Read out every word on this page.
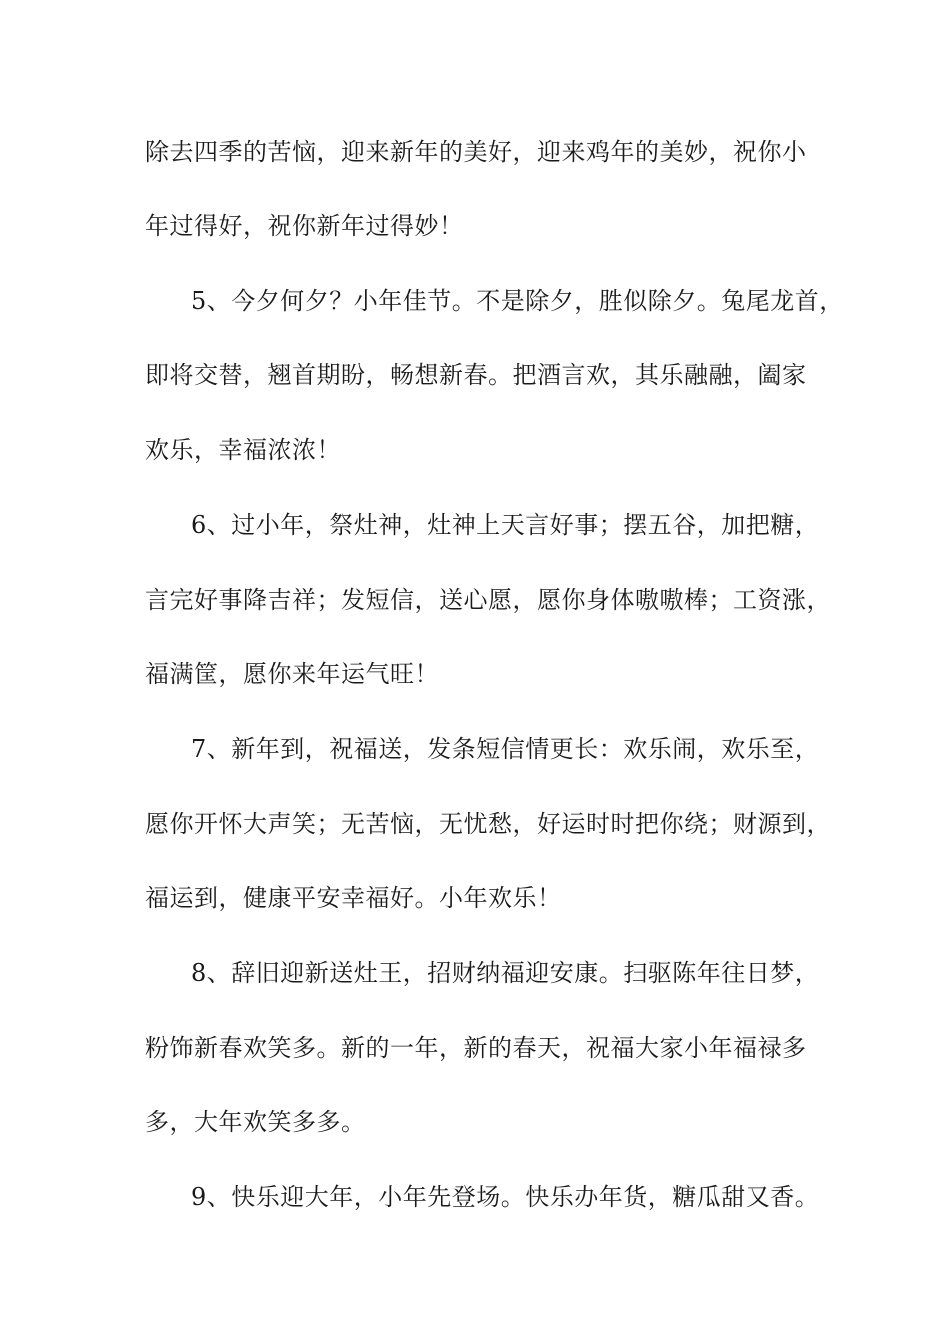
除去四季的苦恼，迎来新年的美好，迎来鸡年的美妙，祝你小
年过得好，祝你新年过得妙！
5、今夕何夕？小年佳节。不是除夕，胜似除夕。兔尾龙首，
即将交替，翘首期盼，畅想新春。把酒言欢，其乐融融，阖家
欢乐，幸福浓浓！
6、过小年，祭灶神，灶神上天言好事；摆五谷，加把糖，
言完好事降吉祥；发短信，送心愿，愿你身体嗷嗷棒；工资涨，
福满筐，愿你来年运气旺！
7、新年到，祝福送，发条短信情更长：欢乐闹，欢乐至，
愿你开怀大声笑；无苦恼，无忧愁，好运时时把你绕；财源到，
福运到，健康平安幸福好。小年欢乐！
8、辞旧迎新送灶王，招财纳福迎安康。扫驱陈年往日梦，
粉饰新春欢笑多。新的一年，新的春天，祝福大家小年福禄多
多，大年欢笑多多。
9、快乐迎大年，小年先登场。快乐办年货，糖瓜甜又香。
